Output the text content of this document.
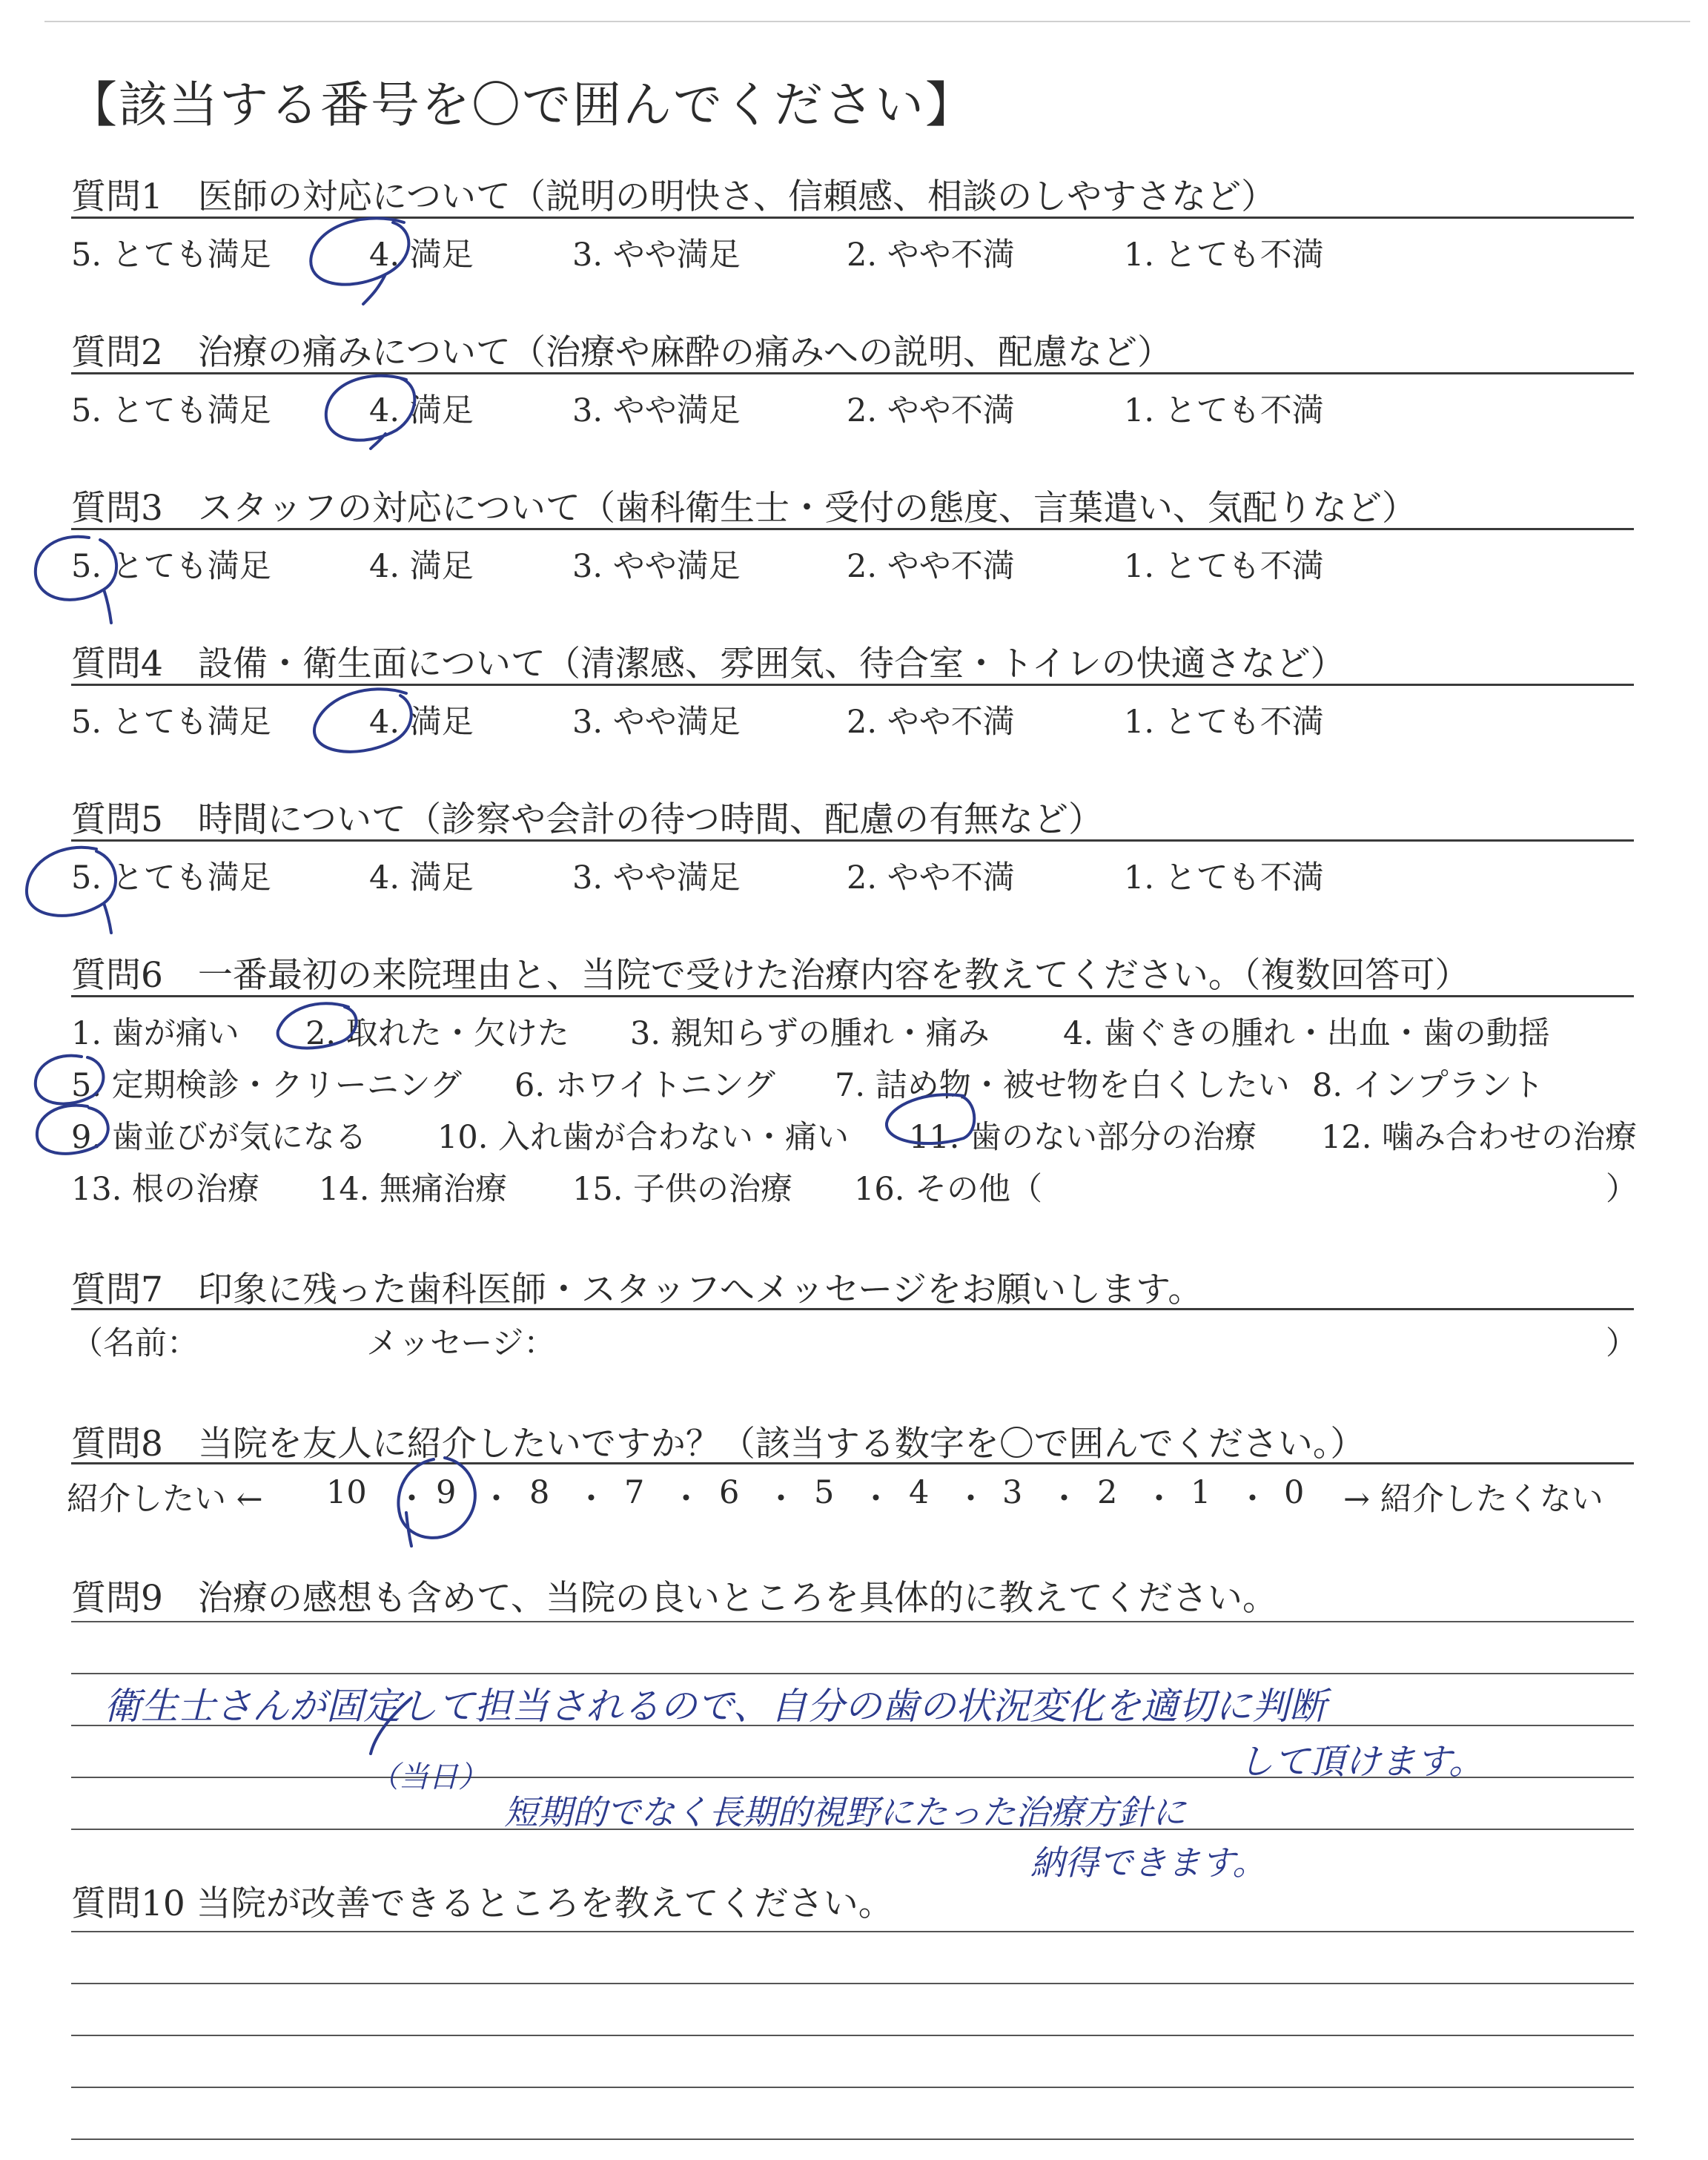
【該当する番号を〇で囲んでください】
質問1　医師の対応について（説明の明快さ、信頼感、相談のしやすさなど）
5. とても満足	4. 満足	3. やや満足	2. やや不満	1. とても不満
質問2　治療の痛みについて（治療や麻酔の痛みへの説明、配慮など）
5. とても満足	4. 満足	3. やや満足	2. やや不満	1. とても不満
質問3　スタッフの対応について（歯科衛生士・受付の態度、言葉遣い、気配りなど）
5. とても満足	4. 満足	3. やや満足	2. やや不満	1. とても不満
質問4　設備・衛生面について（清潔感、雰囲気、待合室・トイレの快適さなど）
5. とても満足	4. 満足	3. やや満足	2. やや不満	1. とても不満
質問5　時間について（診察や会計の待つ時間、配慮の有無など）
5. とても満足	4. 満足	3. やや満足	2. やや不満	1. とても不満
質問6　一番最初の来院理由と、当院で受けた治療内容を教えてください。（複数回答可）
1. 歯が痛い 2. 取れた・欠けた 3. 親知らずの腫れ・痛み 4. 歯ぐきの腫れ・出血・歯の動揺
5. 定期検診・クリーニング 6. ホワイトニング 7. 詰め物・被せ物を白くしたい 8. インプラント
9. 歯並びが気になる 10. 入れ歯が合わない・痛い 11. 歯のない部分の治療 12. 噛み合わせの治療
13. 根の治療 14. 無痛治療 15. 子供の治療 16. その他（	）
質問7　印象に残った歯科医師・スタッフへメッセージをお願いします。
（名前：	メッセージ：	）
質問8　当院を友人に紹介したいですか？（該当する数字を〇で囲んでください。）
紹介したい ← 10 ・ 9 ・ 8 ・ 7 ・ 6 ・ 5 ・ 4 ・ 3 ・ 2 ・ 1 ・ 0 → 紹介したくない
質問9　治療の感想も含めて、当院の良いところを具体的に教えてください。
質問10 当院が改善できるところを教えてください。
衛生士さんが固定して担当されるので、自分の歯の状況変化を適切に判断
（当日）	して頂けます。
短期的でなく長期的視野にたった治療方針に
納得できます。
